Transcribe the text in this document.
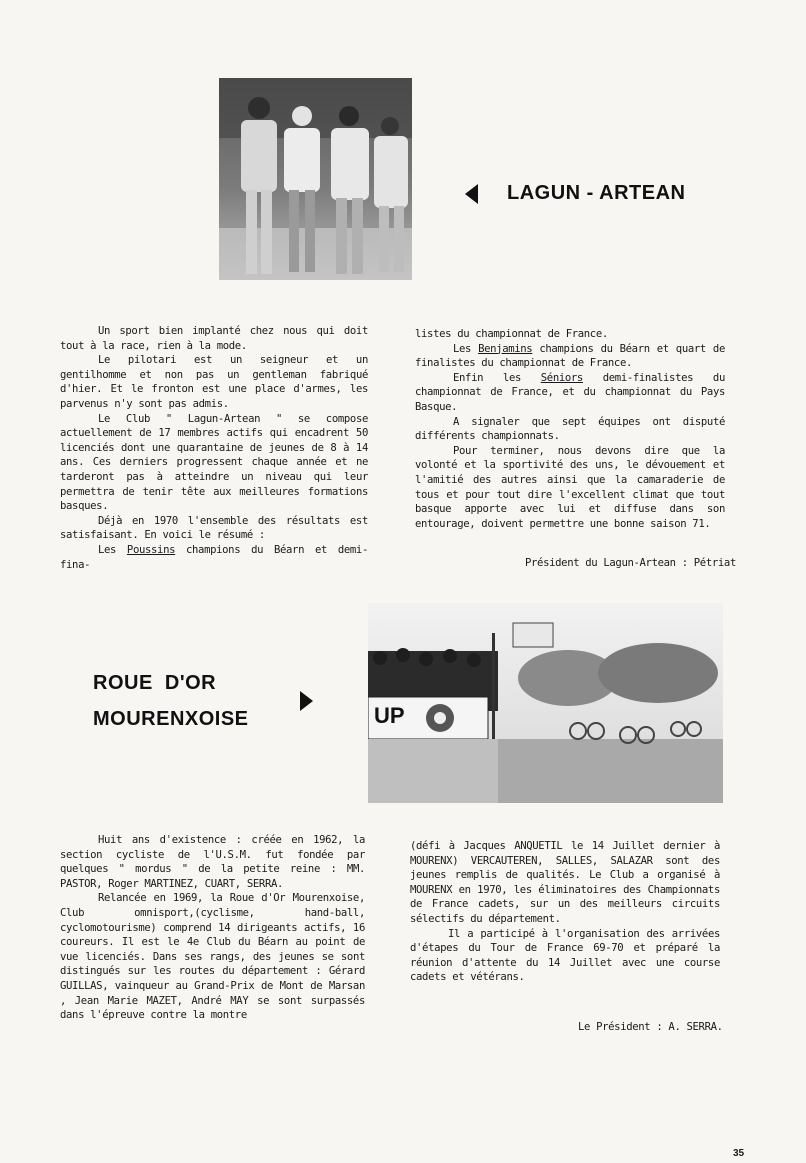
LAGUN - ARTEAN

Un sport bien implanté chez nous qui doit tout à la race, rien à la mode.

Le pilotari est un seigneur et un gentilhomme et non pas un gentleman fabriqué d'hier. Et le fronton est une place d'armes, les parvenus n'y sont pas admis.

Le Club " Lagun-Artean " se compose actuellement de 17 membres actifs qui encadrent 50 licenciés dont une quarantaine de jeunes de 8 à 14 ans. Ces derniers progressent chaque année et ne tarderont pas à atteindre un niveau qui leur permettra de tenir tête aux meilleures formations basques.

Déjà en 1970 l'ensemble des résultats est satisfaisant. En voici le résumé :

Les Poussins champions du Béarn et demi-fina-

listes du championnat de France.

Les Benjamins champions du Béarn et quart de finalistes du championnat de France.

Enfin les Séniors demi-finalistes du championnat de France, et du championnat du Pays Basque.

A signaler que sept équipes ont disputé différents championnats.

Pour terminer, nous devons dire que la volonté et la sportivité des uns, le dévouement et l'amitié des autres ainsi que la camaraderie de tous et pour tout dire l'excellent climat que tout basque apporte avec lui et diffuse dans son entourage, doivent permettre une bonne saison 71.

Président du Lagun-Artean : Pétriat
ROUE  D'OR
MOURENXOISE	UP

Huit ans d'existence : créée en 1962, la section cycliste de l'U.S.M. fut fondée par quelques " mordus " de la petite reine : MM. PASTOR, Roger MARTINEZ, CUART, SERRA.

Relancée en 1969, la Roue d'Or Mourenxoise, Club omnisport,(cyclisme, hand-ball, cyclomotourisme) comprend 14 dirigeants actifs, 16 coureurs. Il est le 4e Club du Béarn au point de vue licenciés. Dans ses rangs, des jeunes se sont distingués sur les routes du département : Gérard GUILLAS, vainqueur au Grand-Prix de Mont de Marsan , Jean Marie MAZET, André MAY se sont surpassés dans l'épreuve contre la montre

(défi à Jacques ANQUETIL le 14 Juillet dernier à MOURENX) VERCAUTEREN, SALLES, SALAZAR sont des jeunes remplis de qualités. Le Club a organisé à MOURENX en 1970, les éliminatoires des Championnats de France cadets, sur un des meilleurs circuits sélectifs du département.

Il a participé à l'organisation des arrivées d'étapes du Tour de France 69-70 et préparé la réunion d'attente du 14 Juillet avec une course cadets et vétérans.

Le Président : A. SERRA.
35
